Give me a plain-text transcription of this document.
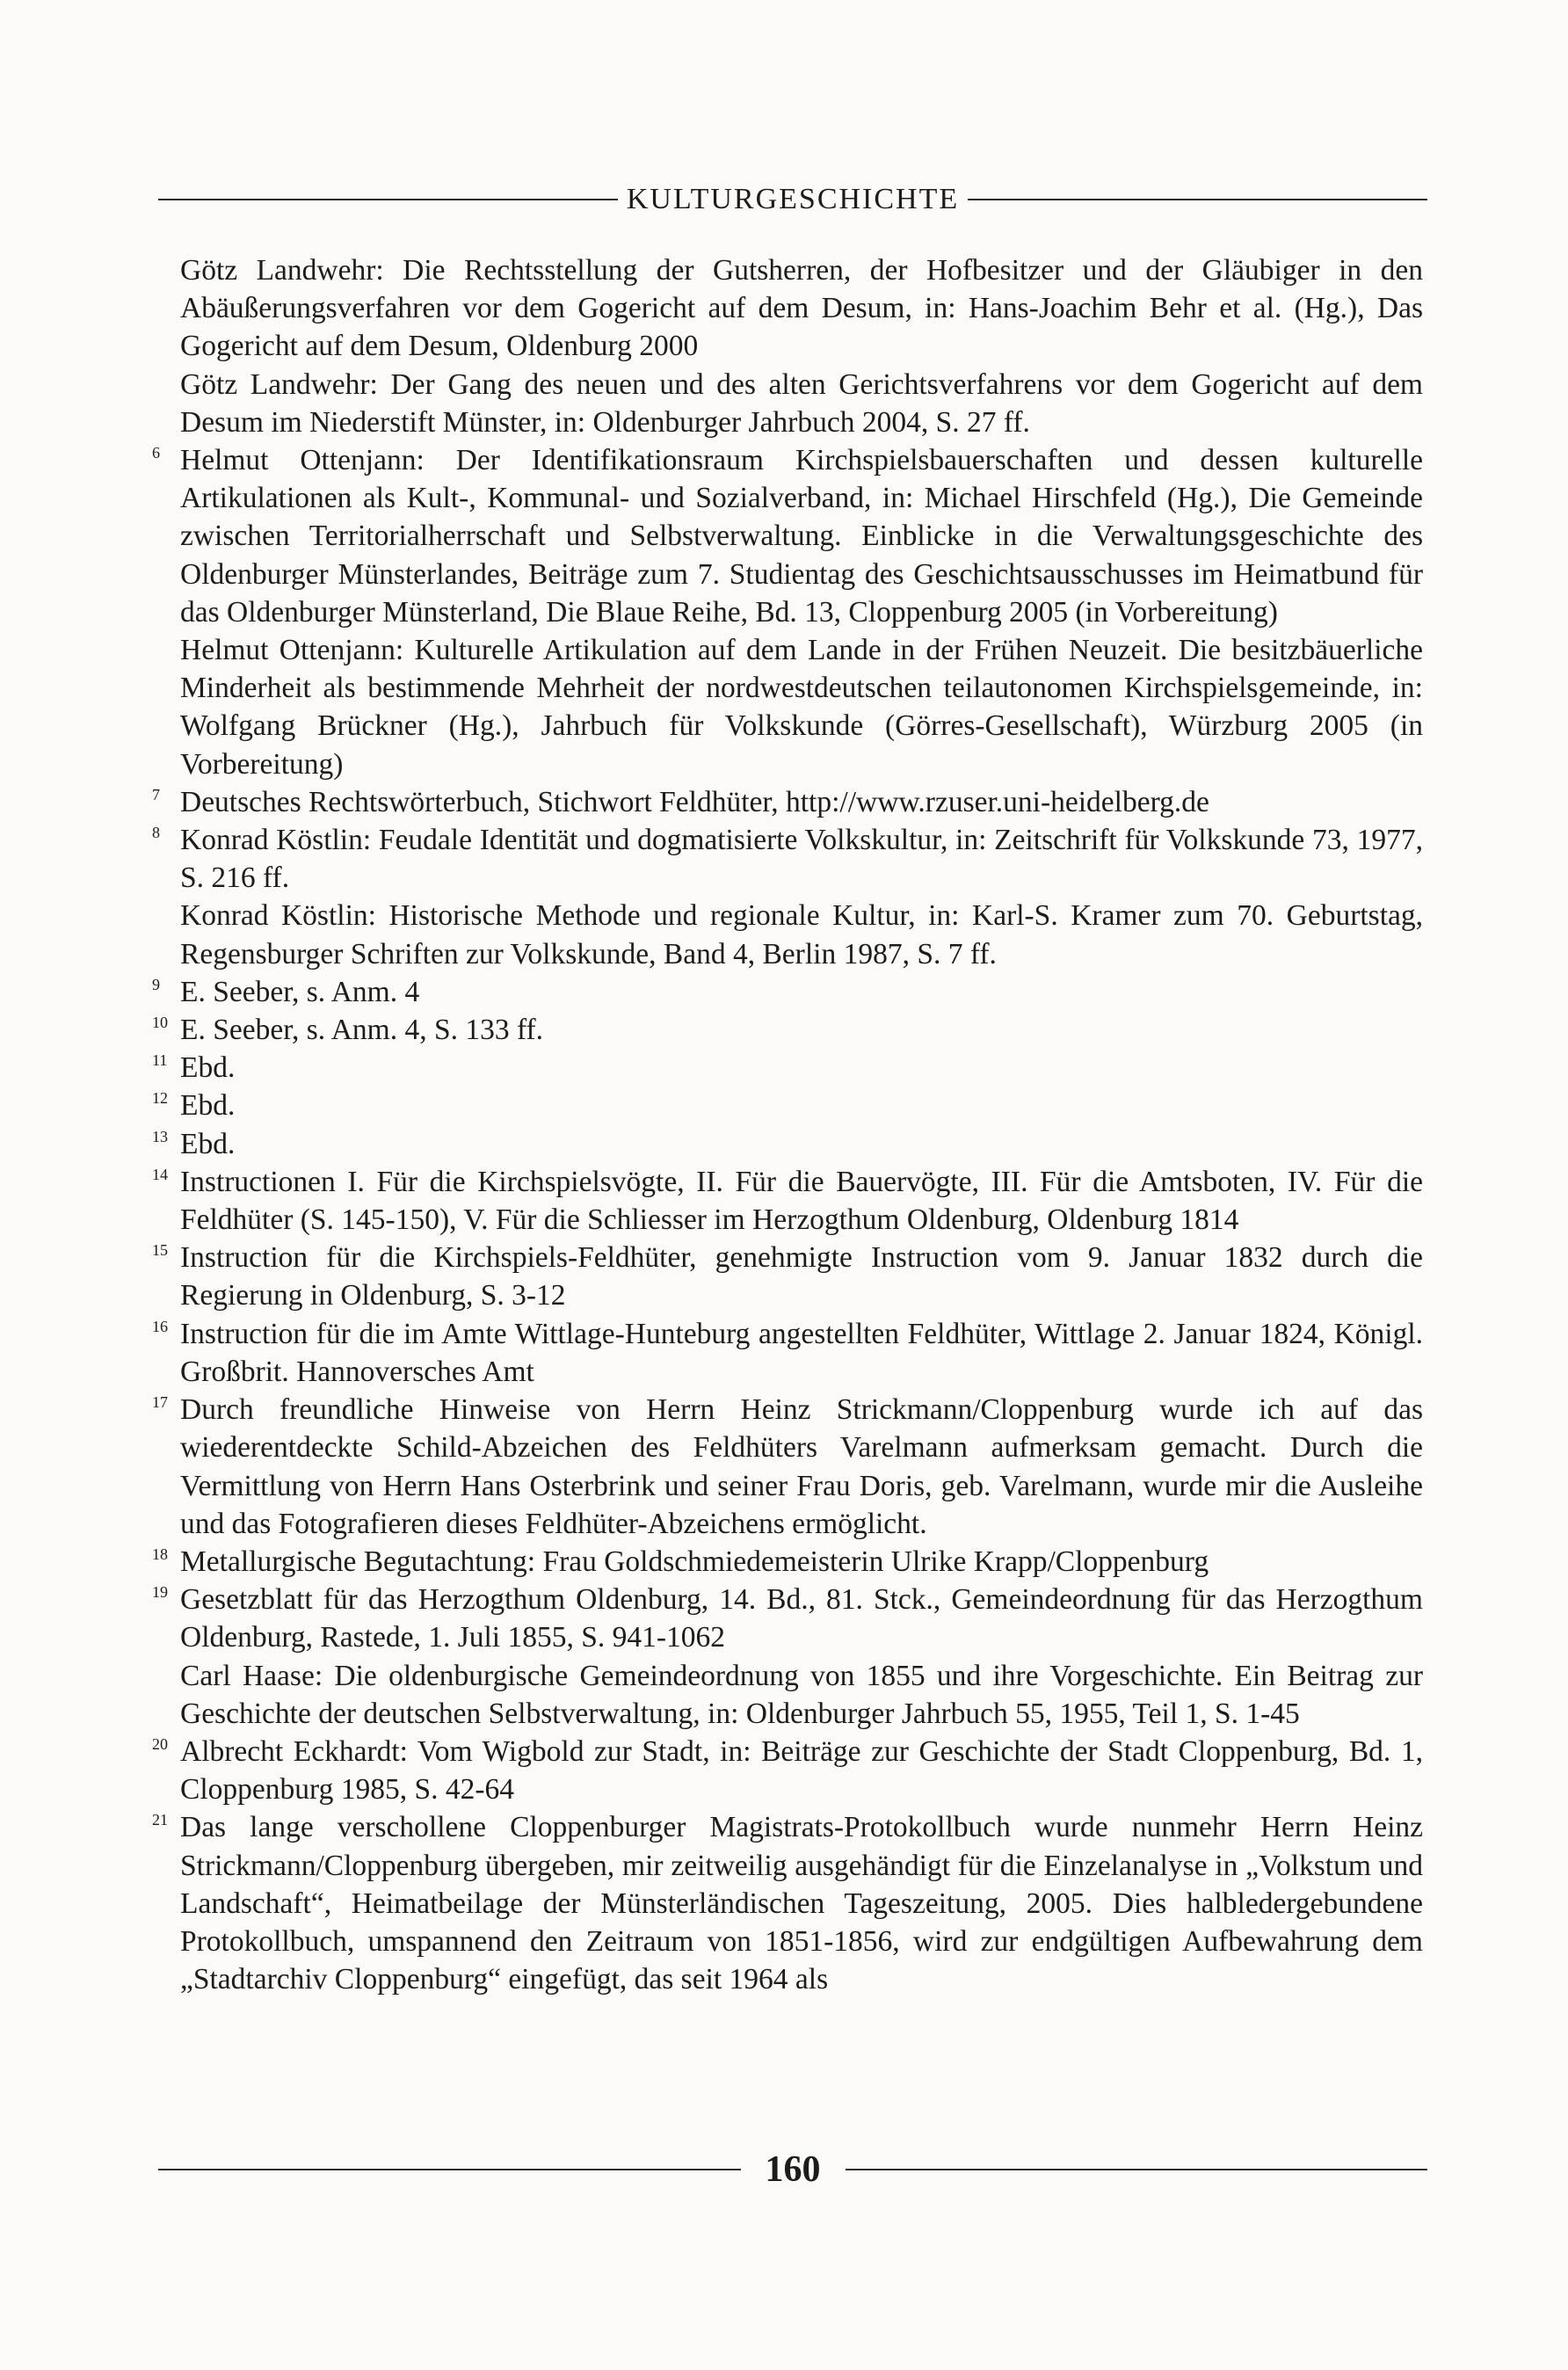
KULTURGESCHICHTE
Götz Landwehr: Die Rechtsstellung der Gutsherren, der Hofbesitzer und der Gläubiger in den Abäußerungsverfahren vor dem Gogericht auf dem Desum, in: Hans-Joachim Behr et al. (Hg.), Das Gogericht auf dem Desum, Oldenburg 2000
Götz Landwehr: Der Gang des neuen und des alten Gerichtsverfahrens vor dem Gogericht auf dem Desum im Niederstift Münster, in: Oldenburger Jahrbuch 2004, S. 27 ff.
6 Helmut Ottenjann: Der Identifikationsraum Kirchspielsbauerschaften und dessen kulturelle Artikulationen als Kult-, Kommunal- und Sozialverband, in: Michael Hirschfeld (Hg.), Die Gemeinde zwischen Territorialherrschaft und Selbstverwaltung. Einblicke in die Verwaltungsgeschichte des Oldenburger Münsterlandes, Beiträge zum 7. Studientag des Geschichtsausschusses im Heimatbund für das Oldenburger Münsterland, Die Blaue Reihe, Bd. 13, Cloppenburg 2005 (in Vorbereitung)
Helmut Ottenjann: Kulturelle Artikulation auf dem Lande in der Frühen Neuzeit. Die besitzbäuerliche Minderheit als bestimmende Mehrheit der nordwestdeutschen teilautonomen Kirchspielsgemeinde, in: Wolfgang Brückner (Hg.), Jahrbuch für Volkskunde (Görres-Gesellschaft), Würzburg 2005 (in Vorbereitung)
7 Deutsches Rechtswörterbuch, Stichwort Feldhüter, http://www.rzuser.uni-heidelberg.de
8 Konrad Köstlin: Feudale Identität und dogmatisierte Volkskultur, in: Zeitschrift für Volkskunde 73, 1977, S. 216 ff.
Konrad Köstlin: Historische Methode und regionale Kultur, in: Karl-S. Kramer zum 70. Geburtstag, Regensburger Schriften zur Volkskunde, Band 4, Berlin 1987, S. 7 ff.
9 E. Seeber, s. Anm. 4
10 E. Seeber, s. Anm. 4, S. 133 ff.
11 Ebd.
12 Ebd.
13 Ebd.
14 Instructionen I. Für die Kirchspielsvögte, II. Für die Bauervögte, III. Für die Amtsboten, IV. Für die Feldhüter (S. 145-150), V. Für die Schliesser im Herzogthum Oldenburg, Oldenburg 1814
15 Instruction für die Kirchspiels-Feldhüter, genehmigte Instruction vom 9. Januar 1832 durch die Regierung in Oldenburg, S. 3-12
16 Instruction für die im Amte Wittlage-Hunteburg angestellten Feldhüter, Wittlage 2. Januar 1824, Königl. Großbrit. Hannoversches Amt
17 Durch freundliche Hinweise von Herrn Heinz Strickmann/Cloppenburg wurde ich auf das wiederentdeckte Schild-Abzeichen des Feldhüters Varelmann aufmerksam gemacht. Durch die Vermittlung von Herrn Hans Osterbrink und seiner Frau Doris, geb. Varelmann, wurde mir die Ausleihe und das Fotografieren dieses Feldhüter-Abzeichens ermöglicht.
18 Metallurgische Begutachtung: Frau Goldschmiedemeisterin Ulrike Krapp/Cloppenburg
19 Gesetzblatt für das Herzogthum Oldenburg, 14. Bd., 81. Stck., Gemeindeordnung für das Herzogthum Oldenburg, Rastede, 1. Juli 1855, S. 941-1062
Carl Haase: Die oldenburgische Gemeindeordnung von 1855 und ihre Vorgeschichte. Ein Beitrag zur Geschichte der deutschen Selbstverwaltung, in: Oldenburger Jahrbuch 55, 1955, Teil 1, S. 1-45
20 Albrecht Eckhardt: Vom Wigbold zur Stadt, in: Beiträge zur Geschichte der Stadt Cloppenburg, Bd. 1, Cloppenburg 1985, S. 42-64
21 Das lange verschollene Cloppenburger Magistrats-Protokollbuch wurde nunmehr Herrn Heinz Strickmann/Cloppenburg übergeben, mir zeitweilig ausgehändigt für die Einzelanalyse in „Volkstum und Landschaft“, Heimatbeilage der Münsterländischen Tageszeitung, 2005. Dies halbledergebundene Protokollbuch, umspannend den Zeitraum von 1851-1856, wird zur endgültigen Aufbewahrung dem „Stadtarchiv Cloppenburg“ eingefügt, das seit 1964 als
160
